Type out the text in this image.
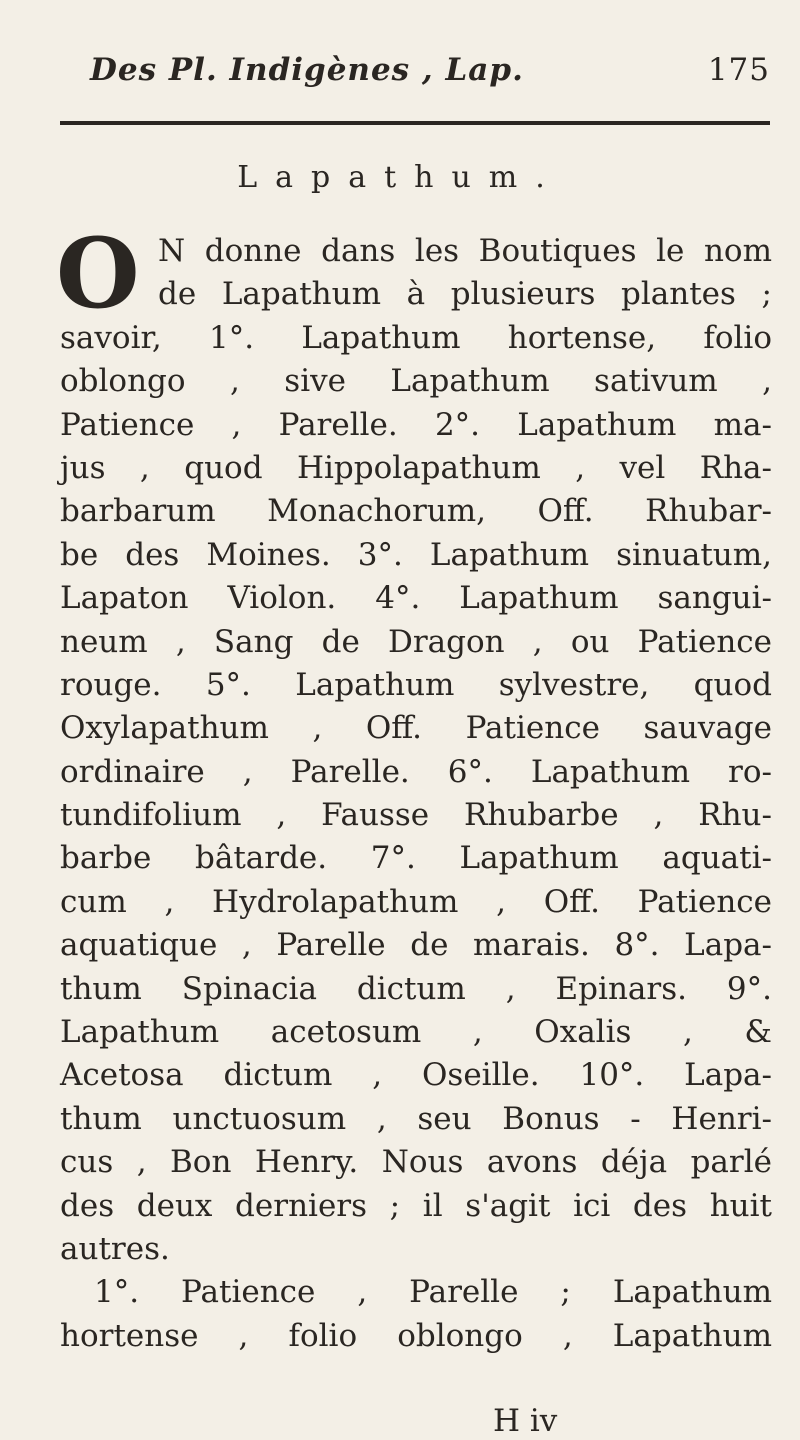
Des Pl. Indigènes , Lap.	175
Lapathum.
O N donne dans les Boutiques le nom
de Lapathum à plusieurs plantes ;
savoir, 1°. Lapathum hortense, folio
oblongo , sive Lapathum sativum ,
Patience , Parelle. 2°. Lapathum ma-
jus , quod Hippolapathum , vel Rha-
barbarum Monachorum, Off. Rhubar-
be des Moines. 3°. Lapathum sinuatum,
Lapaton Violon. 4°. Lapathum sangui-
neum , Sang de Dragon , ou Patience
rouge. 5°. Lapathum sylvestre, quod
Oxylapathum , Off. Patience sauvage
ordinaire , Parelle. 6°. Lapathum ro-
tundifolium , Fausse Rhubarbe , Rhu-
barbe bâtarde. 7°. Lapathum aquati-
cum , Hydrolapathum , Off. Patience
aquatique , Parelle de marais. 8°. Lapa-
thum Spinacia dictum , Epinars. 9°.
Lapathum acetosum , Oxalis , &
Acetosa dictum , Oseille. 10°. Lapa-
thum unctuosum , seu Bonus - Henri-
cus , Bon Henry. Nous avons déja parlé
des deux derniers ; il s'agit ici des huit
autres.
1°. Patience , Parelle ; Lapathum
hortense , folio oblongo , Lapathum
H iv
